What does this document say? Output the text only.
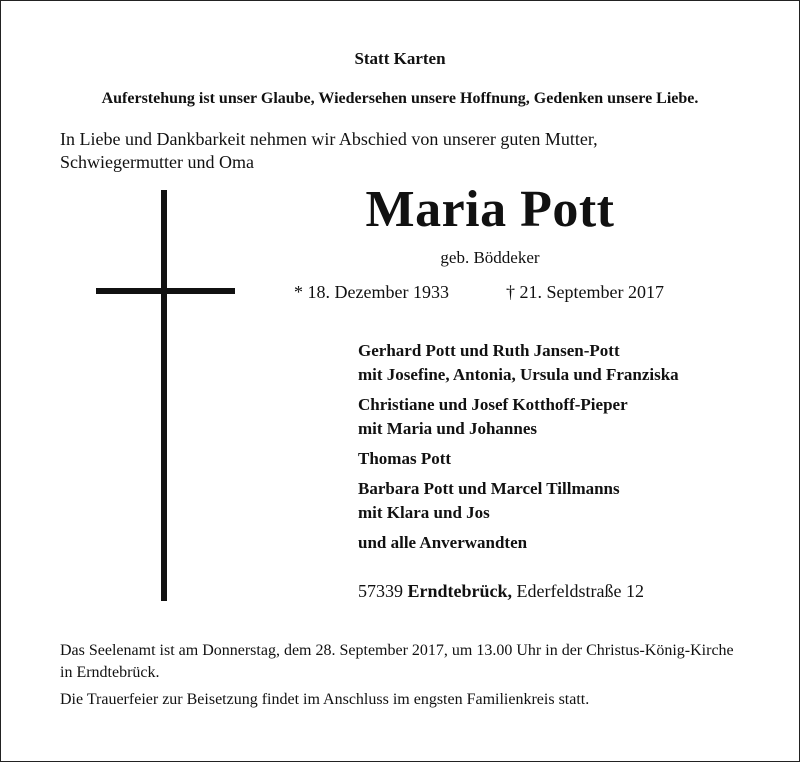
Statt Karten
Auferstehung ist unser Glaube, Wiedersehen unsere Hoffnung, Gedenken unsere Liebe.
In Liebe und Dankbarkeit nehmen wir Abschied von unserer guten Mutter,
Schwiegermutter und Oma
Maria Pott
geb. Böddeker
* 18. Dezember 1933	† 21. September 2017
Gerhard Pott und Ruth Jansen-Pott
mit Josefine, Antonia, Ursula und Franziska
Christiane und Josef Kotthoff-Pieper
mit Maria und Johannes
Thomas Pott
Barbara Pott und Marcel Tillmanns
mit Klara und Jos
und alle Anverwandten
57339 Erndtebrück, Ederfeldstraße 12
Das Seelenamt ist am Donnerstag, dem 28. September 2017, um 13.00 Uhr in der Christus-König-Kirche in Erndtebrück.
Die Trauerfeier zur Beisetzung findet im Anschluss im engsten Familienkreis statt.
